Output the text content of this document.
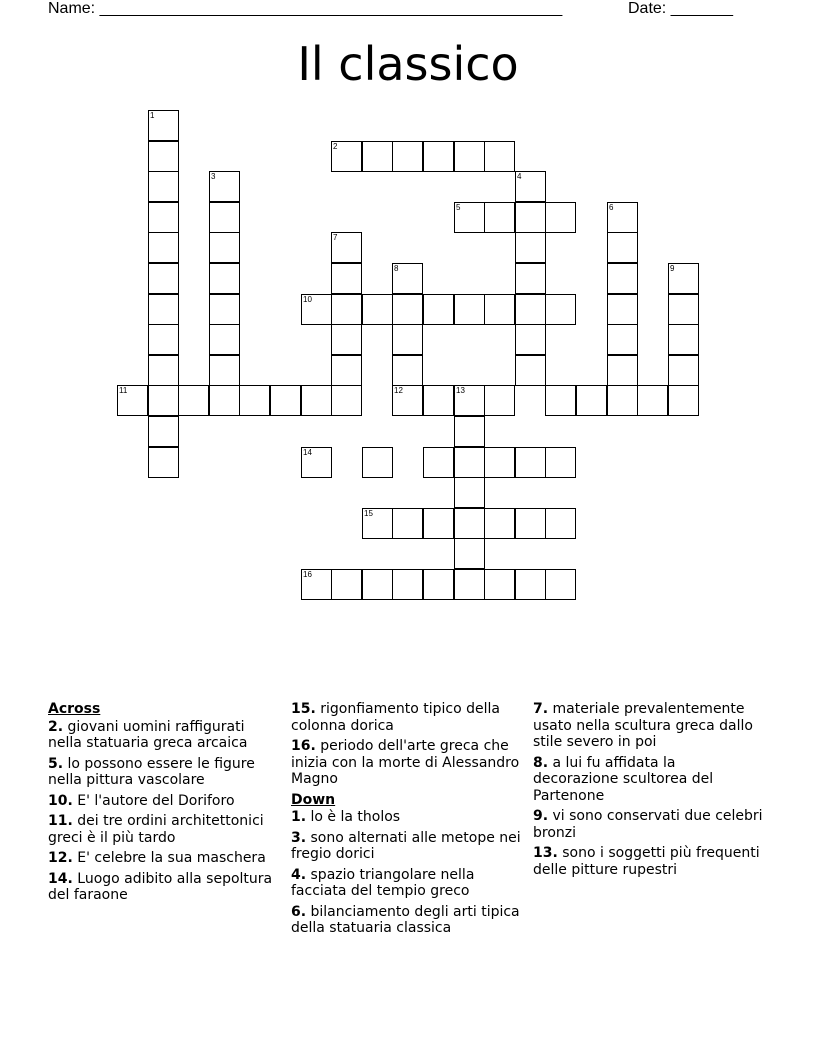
Name: ____________________________________________________	Date: _______
Il classico
1
2
3	4
5	6
7
8	9
10
11	12	13
14
15
16
Across
2. giovani uomini raffigurati nella statuaria greca arcaica
5. lo possono essere le figure nella pittura vascolare
10. E' l'autore del Doriforo
11. dei tre ordini architettonici greci è il più tardo
12. E' celebre la sua maschera
14. Luogo adibito alla sepoltura del faraone
15. rigonfiamento tipico della colonna dorica
16. periodo dell'arte greca che inizia con la morte di Alessandro Magno
Down
1. lo è la tholos
3. sono alternati alle metope nei fregio dorici
4. spazio triangolare nella facciata del tempio greco
6. bilanciamento degli arti tipica della statuaria classica
7. materiale prevalentemente usato nella scultura greca dallo stile severo in poi
8. a lui fu affidata la decorazione scultorea del Partenone
9. vi sono conservati due celebri bronzi
13. sono i soggetti più frequenti delle pitture rupestri
